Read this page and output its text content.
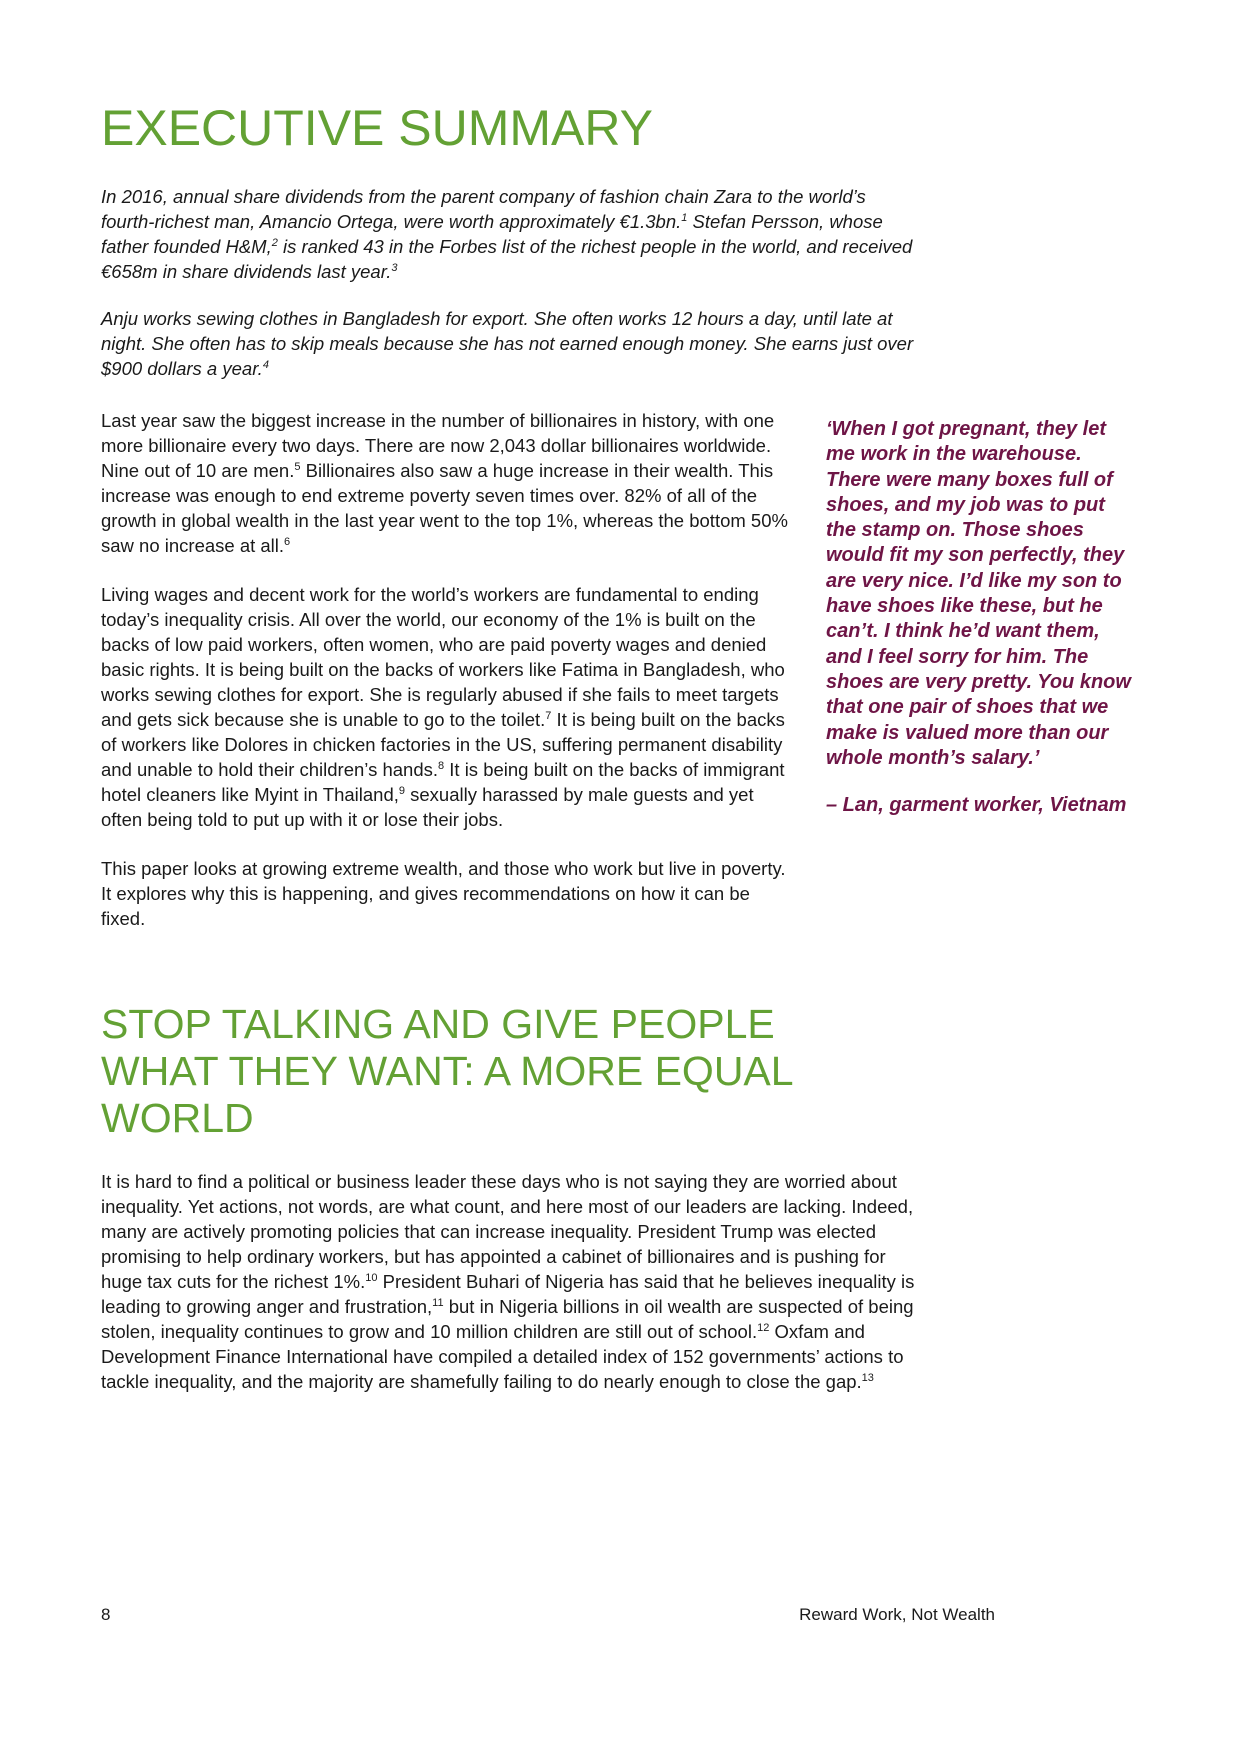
EXECUTIVE SUMMARY

In 2016, annual share dividends from the parent company of fashion chain Zara to the world’s fourth-richest man, Amancio Ortega, were worth approximately €1.3bn.$^1$ Stefan Persson, whose father founded H&M,$^2$ is ranked 43 in the Forbes list of the richest people in the world, and received €658m in share dividends last year.$^3$

Anju works sewing clothes in Bangladesh for export. She often works 12 hours a day, until late at night. She often has to skip meals because she has not earned enough money. She earns just over $900 dollars a year.$^4$

Last year saw the biggest increase in the number of billionaires in history, with one more billionaire every two days. There are now 2,043 dollar billionaires worldwide. Nine out of 10 are men.$^5$ Billionaires also saw a huge increase in their wealth. This increase was enough to end extreme poverty seven times over. 82% of all of the growth in global wealth in the last year went to the top 1%, whereas the bottom 50% saw no increase at all.$^6$

Living wages and decent work for the world’s workers are fundamental to ending today’s inequality crisis. All over the world, our economy of the 1% is built on the backs of low paid workers, often women, who are paid poverty wages and denied basic rights. It is being built on the backs of workers like Fatima in Bangladesh, who works sewing clothes for export. She is regularly abused if she fails to meet targets and gets sick because she is unable to go to the toilet.$^7$ It is being built on the backs of workers like Dolores in chicken factories in the US, suffering permanent disability and unable to hold their children’s hands.$^8$ It is being built on the backs of immigrant hotel cleaners like Myint in Thailand,$^9$ sexually harassed by male guests and yet often being told to put up with it or lose their jobs.

This paper looks at growing extreme wealth, and those who work but live in poverty. It explores why this is happening, and gives recommendations on how it can be fixed.

‘When I got pregnant, they let me work in the warehouse. There were many boxes full of shoes, and my job was to put the stamp on. Those shoes would fit my son perfectly, they are very nice. I’d like my son to have shoes like these, but he can’t. I think he’d want them, and I feel sorry for him. The shoes are very pretty. You know that one pair of shoes that we make is valued more than our whole month’s salary.’

– Lan, garment worker, Vietnam

STOP TALKING AND GIVE PEOPLE WHAT THEY WANT: A MORE EQUAL WORLD

It is hard to find a political or business leader these days who is not saying they are worried about inequality. Yet actions, not words, are what count, and here most of our leaders are lacking. Indeed, many are actively promoting policies that can increase inequality. President Trump was elected promising to help ordinary workers, but has appointed a cabinet of billionaires and is pushing for huge tax cuts for the richest 1%.$^{10}$ President Buhari of Nigeria has said that he believes inequality is leading to growing anger and frustration,$^{11}$ but in Nigeria billions in oil wealth are suspected of being stolen, inequality continues to grow and 10 million children are still out of school.$^{12}$ Oxfam and Development Finance International have compiled a detailed index of 152 governments’ actions to tackle inequality, and the majority are shamefully failing to do nearly enough to close the gap.$^{13}$

8	Reward Work, Not Wealth
